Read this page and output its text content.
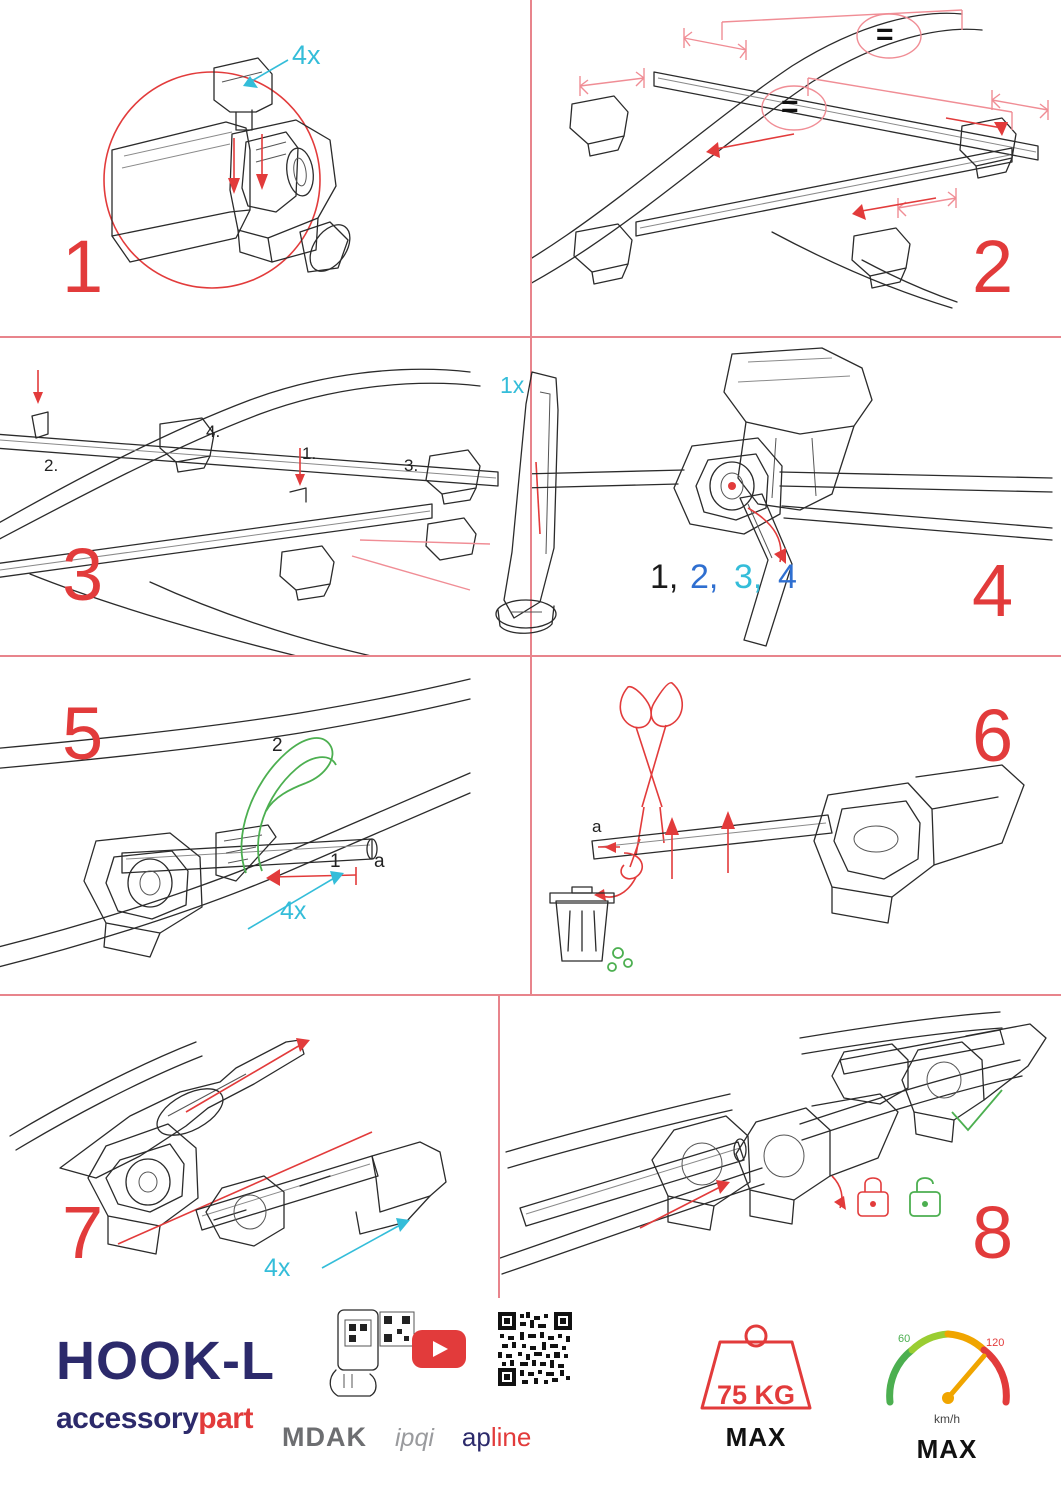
4x
1
=
=
2
2.
4.
1.
3.
3
1x
1, 2, 3, 4 4
2
1 a
4x
5
a
6
4x
7	8
HOOK-L
accessorypart
MDAK ipqi apline
75 KG
MAX
60	120
km/h
MAX
